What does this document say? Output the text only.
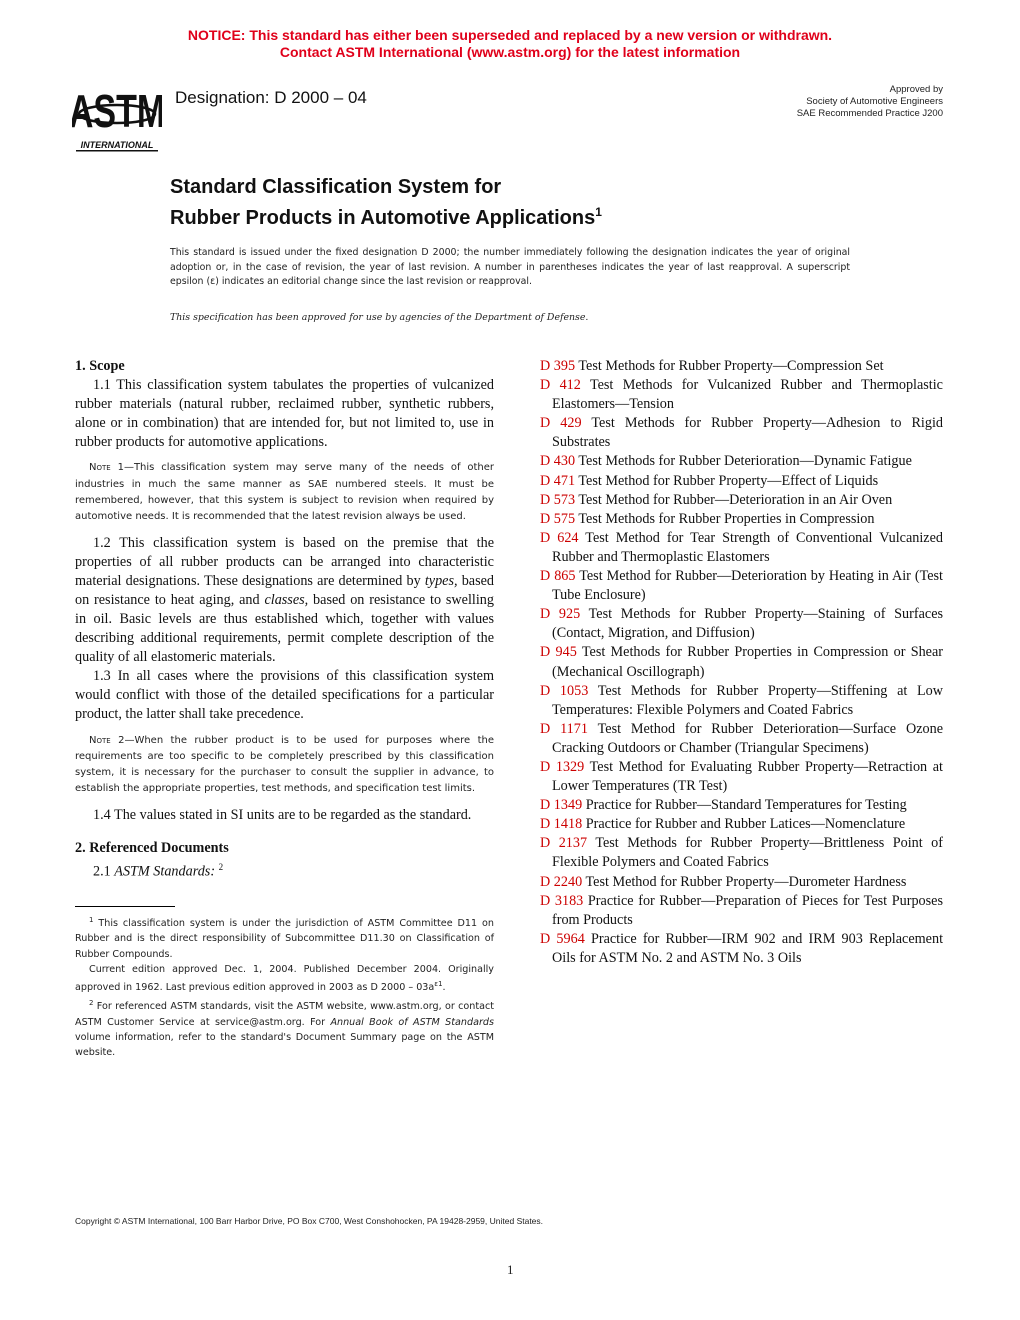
NOTICE: This standard has either been superseded and replaced by a new version or withdrawn.
Contact ASTM International (www.astm.org) for the latest information
ASTM
INTERNATIONAL
Designation: D 2000 – 04	Approved by
Society of Automotive Engineers
SAE Recommended Practice J200
Standard Classification System for
Rubber Products in Automotive Applications$^1$
This standard is issued under the fixed designation D 2000; the number immediately following the designation indicates the year of original adoption or, in the case of revision, the year of last revision. A number in parentheses indicates the year of last reapproval. A superscript epsilon (ε) indicates an editorial change since the last revision or reapproval.
This specification has been approved for use by agencies of the Department of Defense.
1. Scope

1.1 This classification system tabulates the properties of vulcanized rubber materials (natural rubber, reclaimed rubber, synthetic rubbers, alone or in combination) that are intended for, but not limited to, use in rubber products for automotive applications.

Note 1—This classification system may serve many of the needs of other industries in much the same manner as SAE numbered steels. It must be remembered, however, that this system is subject to revision when required by automotive needs. It is recommended that the latest revision always be used.

1.2 This classification system is based on the premise that the properties of all rubber products can be arranged into characteristic material designations. These designations are determined by types, based on resistance to heat aging, and classes, based on resistance to swelling in oil. Basic levels are thus established which, together with values describing additional requirements, permit complete description of the quality of all elastomeric materials.

1.3 In all cases where the provisions of this classification system would conflict with those of the detailed specifications for a particular product, the latter shall take precedence.

Note 2—When the rubber product is to be used for purposes where the requirements are too specific to be completely prescribed by this classification system, it is necessary for the purchaser to consult the supplier in advance, to establish the appropriate properties, test methods, and specification test limits.

1.4 The values stated in SI units are to be regarded as the standard.

2. Referenced Documents

2.1 ASTM Standards: $^2$

$^1$ This classification system is under the jurisdiction of ASTM Committee D11 on Rubber and is the direct responsibility of Subcommittee D11.30 on Classification of Rubber Compounds.

Current edition approved Dec. 1, 2004. Published December 2004. Originally approved in 1962. Last previous edition approved in 2003 as D $2000 - 03a^{\varepsilon 1}$.

$^2$ For referenced ASTM standards, visit the ASTM website, www.astm.org, or contact ASTM Customer Service at service@astm.org. For Annual Book of ASTM Standards volume information, refer to the standard's Document Summary page on the ASTM website.

D 395 Test Methods for Rubber Property—Compression Set

D 412 Test Methods for Vulcanized Rubber and Thermoplastic Elastomers—Tension

D 429 Test Methods for Rubber Property—Adhesion to Rigid Substrates

D 430 Test Methods for Rubber Deterioration—Dynamic Fatigue

D 471 Test Method for Rubber Property—Effect of Liquids

D 573 Test Method for Rubber—Deterioration in an Air Oven

D 575 Test Methods for Rubber Properties in Compression

D 624 Test Method for Tear Strength of Conventional Vulcanized Rubber and Thermoplastic Elastomers

D 865 Test Method for Rubber—Deterioration by Heating in Air (Test Tube Enclosure)

D 925 Test Methods for Rubber Property—Staining of Surfaces (Contact, Migration, and Diffusion)

D 945 Test Methods for Rubber Properties in Compression or Shear (Mechanical Oscillograph)

D 1053 Test Methods for Rubber Property—Stiffening at Low Temperatures: Flexible Polymers and Coated Fabrics

D 1171 Test Method for Rubber Deterioration—Surface Ozone Cracking Outdoors or Chamber (Triangular Specimens)

D 1329 Test Method for Evaluating Rubber Property—Retraction at Lower Temperatures (TR Test)

D 1349 Practice for Rubber—Standard Temperatures for Testing

D 1418 Practice for Rubber and Rubber Latices—Nomenclature

D 2137 Test Methods for Rubber Property—Brittleness Point of Flexible Polymers and Coated Fabrics

D 2240 Test Method for Rubber Property—Durometer Hardness

D 3183 Practice for Rubber—Preparation of Pieces for Test Purposes from Products

D 5964 Practice for Rubber—IRM 902 and IRM 903 Replacement Oils for ASTM No. 2 and ASTM No. 3 Oils

Copyright © ASTM International, 100 Barr Harbor Drive, PO Box C700, West Conshohocken, PA 19428-2959, United States.
1
